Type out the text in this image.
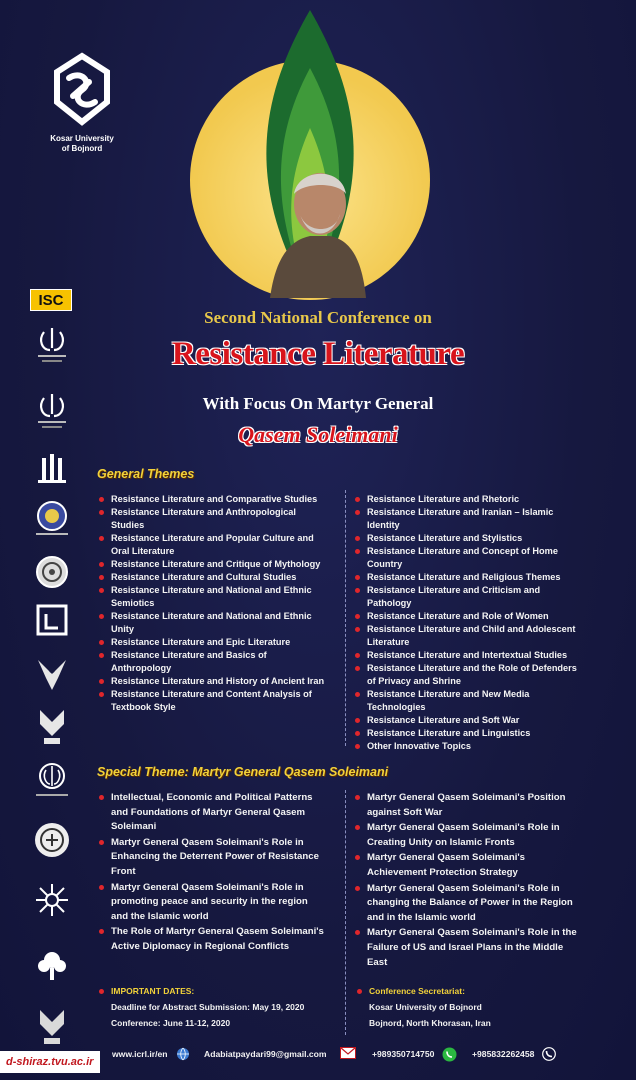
Kosar University
of Bojnord
ISC
Second National Conference on
Resistance Literature
With Focus On Martyr General
Qasem Soleimani
General Themes
Resistance Literature and Comparative Studies
Resistance Literature and Anthropological Studies
Resistance Literature and Popular Culture and Oral Literature
Resistance Literature and Critique of Mythology
Resistance Literature and Cultural Studies
Resistance Literature and National and Ethnic Semiotics
Resistance Literature and National and Ethnic Unity
Resistance Literature and Epic Literature
Resistance Literature and Basics of Anthropology
Resistance Literature and History of Ancient Iran
Resistance Literature and Content Analysis of Textbook Style
Resistance Literature and Rhetoric
Resistance Literature and Iranian – Islamic Identity
Resistance Literature and Stylistics
Resistance Literature and Concept of Home Country
Resistance Literature and Religious Themes
Resistance Literature and Criticism and Pathology
Resistance Literature and Role of Women
Resistance Literature and Child and Adolescent Literature
Resistance Literature and Intertextual Studies
Resistance Literature and the Role of Defenders of Privacy and Shrine
Resistance Literature and New Media Technologies
Resistance Literature and Soft War
Resistance Literature and Linguistics
Other Innovative Topics
Special Theme: Martyr General Qasem Soleimani
Intellectual, Economic and Political Patterns and Foundations of Martyr General Qasem Soleimani
Martyr General Qasem Soleimani's Role in Enhancing the Deterrent Power of Resistance Front
Martyr General Qasem Soleimani's Role in promoting peace and security in the region and the Islamic world
The Role of Martyr General Qasem Soleimani's Active Diplomacy in Regional Conflicts
Martyr General Qasem Soleimani's Position against Soft War
Martyr General Qasem Soleimani's Role in Creating Unity on Islamic Fronts
Martyr General Qasem Soleimani's Achievement Protection Strategy
Martyr General Qasem Soleimani's Role in changing the Balance of Power in the Region and in the Islamic world
Martyr General Qasem Soleimani's Role in the Failure of US and Israel Plans in the Middle East
IMPORTANT DATES:
Deadline for Abstract Submission: May 19, 2020
Conference: June 11-12, 2020
Conference Secretariat:
Kosar University of Bojnord
Bojnord, North Khorasan, Iran
www.icrl.ir/en	Adabiatpaydari99@gmail.com	+989350714750	+985832262458
d-shiraz.tvu.ac.ir
